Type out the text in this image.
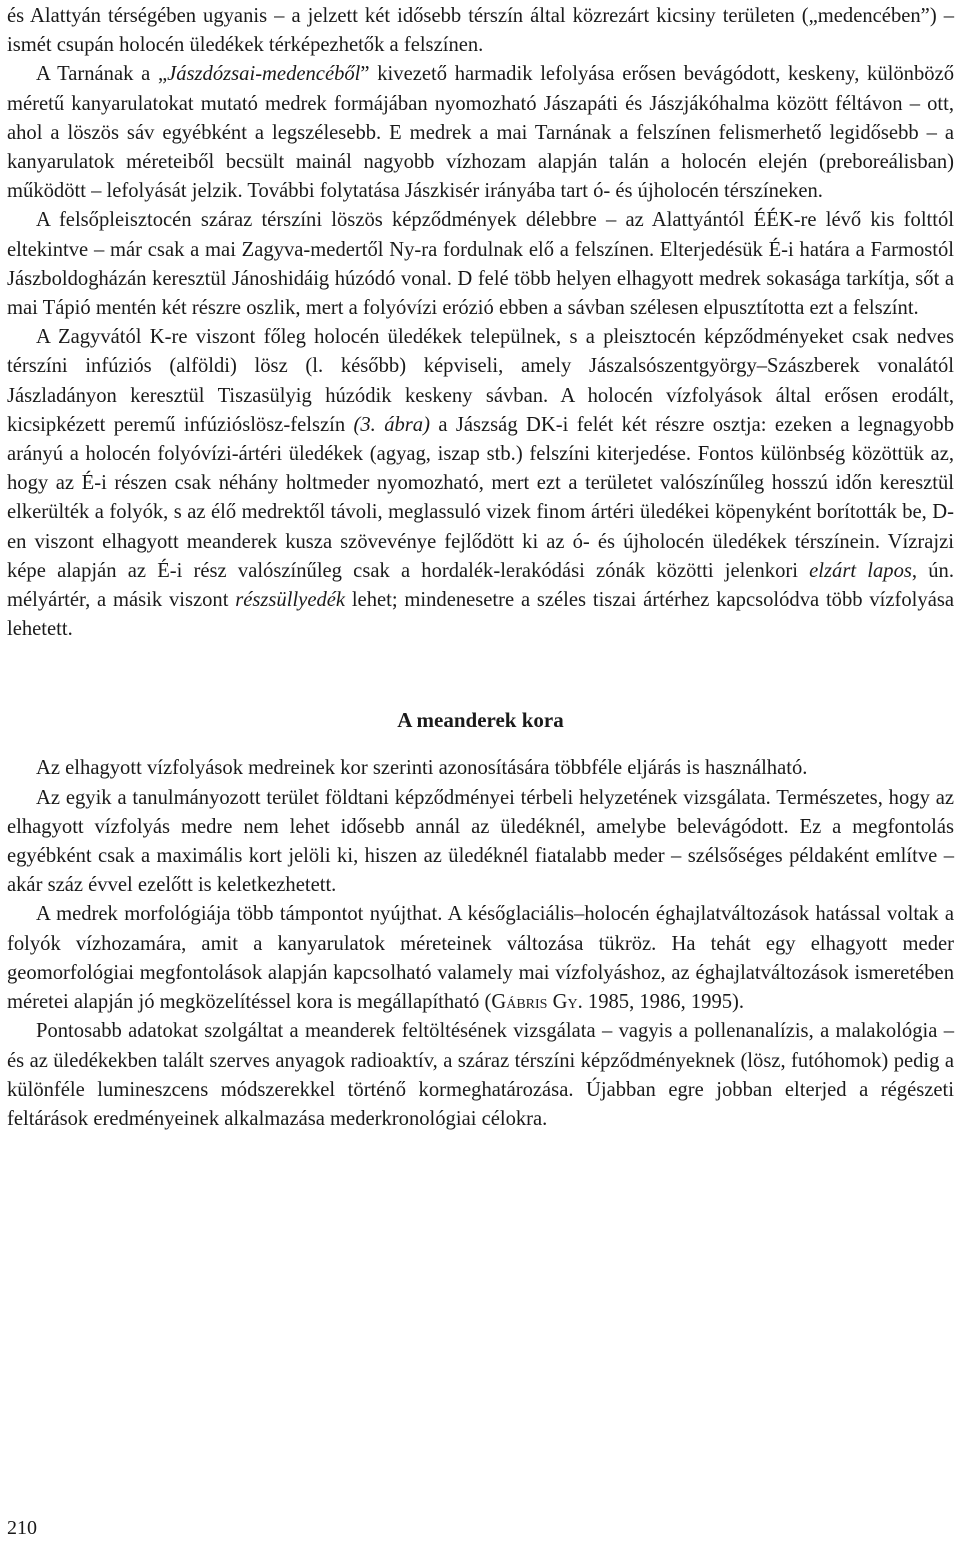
és Alattyán térségében ugyanis – a jelzett két idősebb térszín által közrezárt kicsiny területen („medencében”) – ismét csupán holocén üledékek térképezhetők a felszínen.

A Tarnának a „Jászdózsai-medencéből” kivezető harmadik lefolyása erősen bevágódott, keskeny, különböző méretű kanyarulatokat mutató medrek formájában nyomozható Jászapáti és Jászjákóhalma között féltávon – ott, ahol a löszös sáv egyébként a legszélesebb. E medrek a mai Tarnának a felszínen felismerhető legidősebb – a kanyarulatok méreteiből becsült mainál nagyobb vízhozam alapján talán a holocén elején (preboreálisban) működött – lefolyását jelzik. További folytatása Jászkisér irányába tart ó- és újholocén térszíneken.

A felsőpleisztocén száraz térszíni löszös képződmények délebbre – az Alattyántól ÉÉK-re lévő kis folttól eltekintve – már csak a mai Zagyva-medertől Ny-ra fordulnak elő a felszínen. Elterjedésük É-i határa a Farmostól Jászboldogházán keresztül Jánoshidáig húzódó vonal. D felé több helyen elhagyott medrek sokasága tarkítja, sőt a mai Tápió mentén két részre oszlik, mert a folyóvízi erózió ebben a sávban szélesen elpusztította ezt a felszínt.

A Zagyvától K-re viszont főleg holocén üledékek települnek, s a pleisztocén képződményeket csak nedves térszíni infúziós (alföldi) lösz (l. később) képviseli, amely Jászalsószentgyörgy–Szászberek vonalától Jászladányon keresztül Tiszasülyig húzódik keskeny sávban. A holocén vízfolyások által erősen erodált, kicsipkézett peremű infúzióslösz-felszín (3. ábra) a Jászság DK-i felét két részre osztja: ezeken a legnagyobb arányú a holocén folyóvízi-ártéri üledékek (agyag, iszap stb.) felszíni kiterjedése. Fontos különbség közöttük az, hogy az É-i részen csak néhány holtmeder nyomozható, mert ezt a területet valószínűleg hosszú időn keresztül elkerülték a folyók, s az élő medrektől távoli, meglassuló vizek finom ártéri üledékei köpenyként borították be, D-en viszont elhagyott meanderek kusza szövevénye fejlődött ki az ó- és újholocén üledékek térszínein. Vízrajzi képe alapján az É-i rész valószínűleg csak a hordalék-lerakódási zónák közötti jelenkori elzárt lapos, ún. mélyártér, a másik viszont részsüllyedék lehet; mindenesetre a széles tiszai ártérhez kapcsolódva több vízfolyása lehetett.

A meanderek kora

Az elhagyott vízfolyások medreinek kor szerinti azonosítására többféle eljárás is használható.

Az egyik a tanulmányozott terület földtani képződményei térbeli helyzetének vizsgálata. Természetes, hogy az elhagyott vízfolyás medre nem lehet idősebb annál az üledéknél, amelybe belevágódott. Ez a megfontolás egyébként csak a maximális kort jelöli ki, hiszen az üledéknél fiatalabb meder – szélsőséges példaként említve – akár száz évvel ezelőtt is keletkezhetett.

A medrek morfológiája több támpontot nyújthat. A későglaciális–holocén éghajlatváltozások hatással voltak a folyók vízhozamára, amit a kanyarulatok méreteinek változása tükröz. Ha tehát egy elhagyott meder geomorfológiai megfontolások alapján kapcsolható valamely mai vízfolyáshoz, az éghajlatváltozások ismeretében méretei alapján jó megközelítéssel kora is megállapítható (Gábris Gy. 1985, 1986, 1995).

Pontosabb adatokat szolgáltat a meanderek feltöltésének vizsgálata – vagyis a pollenanalízis, a malakológia – és az üledékekben talált szerves anyagok radioaktív, a száraz térszíni képződményeknek (lösz, futóhomok) pedig a különféle lumineszcens módszerekkel történő kormeghatározása. Újabban egre jobban elterjed a régészeti feltárások eredményeinek alkalmazása mederkronológiai célokra.

210
